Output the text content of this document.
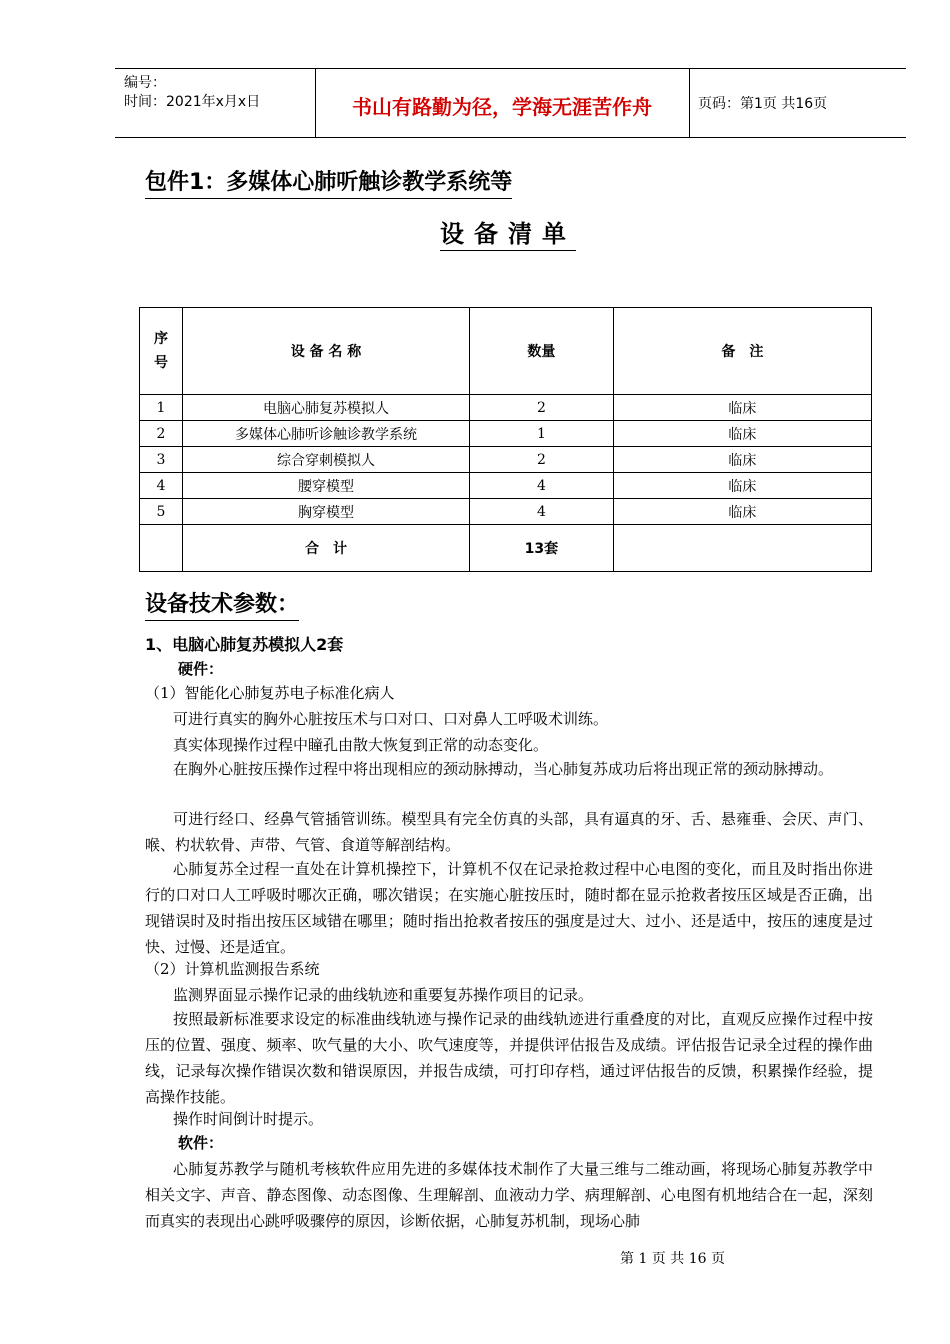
编号：
时间：2021年x月x日	书山有路勤为径，学海无涯苦作舟	页码：第1页 共16页
包件1：多媒体心肺听触诊教学系统等
设备清单
序号	设 备 名 称	数量	备　注
1	电脑心肺复苏模拟人	2	临床
2	多媒体心肺听诊触诊教学系统	1	临床
3	综合穿刺模拟人	2	临床
4	腰穿模型	4	临床
5	胸穿模型	4	临床
	合　计	13套	
设备技术参数：
1、电脑心肺复苏模拟人2套
硬件：
（1）智能化心肺复苏电子标准化病人
可进行真实的胸外心脏按压术与口对口、口对鼻人工呼吸术训练。
真实体现操作过程中瞳孔由散大恢复到正常的动态变化。
在胸外心脏按压操作过程中将出现相应的颈动脉搏动，当心肺复苏成功后将出现正常的颈动脉搏动。
可进行经口、经鼻气管插管训练。模型具有完全仿真的头部，具有逼真的牙、舌、悬雍垂、会厌、声门、喉、杓状软骨、声带、气管、食道等解剖结构。
心肺复苏全过程一直处在计算机操控下，计算机不仅在记录抢救过程中心电图的变化，而且及时指出你进行的口对口人工呼吸时哪次正确，哪次错误；在实施心脏按压时，随时都在显示抢救者按压区域是否正确，出现错误时及时指出按压区域错在哪里；随时指出抢救者按压的强度是过大、过小、还是适中，按压的速度是过快、过慢、还是适宜。
（2）计算机监测报告系统
监测界面显示操作记录的曲线轨迹和重要复苏操作项目的记录。
按照最新标准要求设定的标准曲线轨迹与操作记录的曲线轨迹进行重叠度的对比，直观反应操作过程中按压的位置、强度、频率、吹气量的大小、吹气速度等，并提供评估报告及成绩。评估报告记录全过程的操作曲线，记录每次操作错误次数和错误原因，并报告成绩，可打印存档，通过评估报告的反馈，积累操作经验，提高操作技能。
操作时间倒计时提示。
软件：
心肺复苏教学与随机考核软件应用先进的多媒体技术制作了大量三维与二维动画，将现场心肺复苏教学中相关文字、声音、静态图像、动态图像、生理解剖、血液动力学、病理解剖、心电图有机地结合在一起，深刻而真实的表现出心跳呼吸骤停的原因，诊断依据，心肺复苏机制，现场心肺
第 1 页 共 16 页
